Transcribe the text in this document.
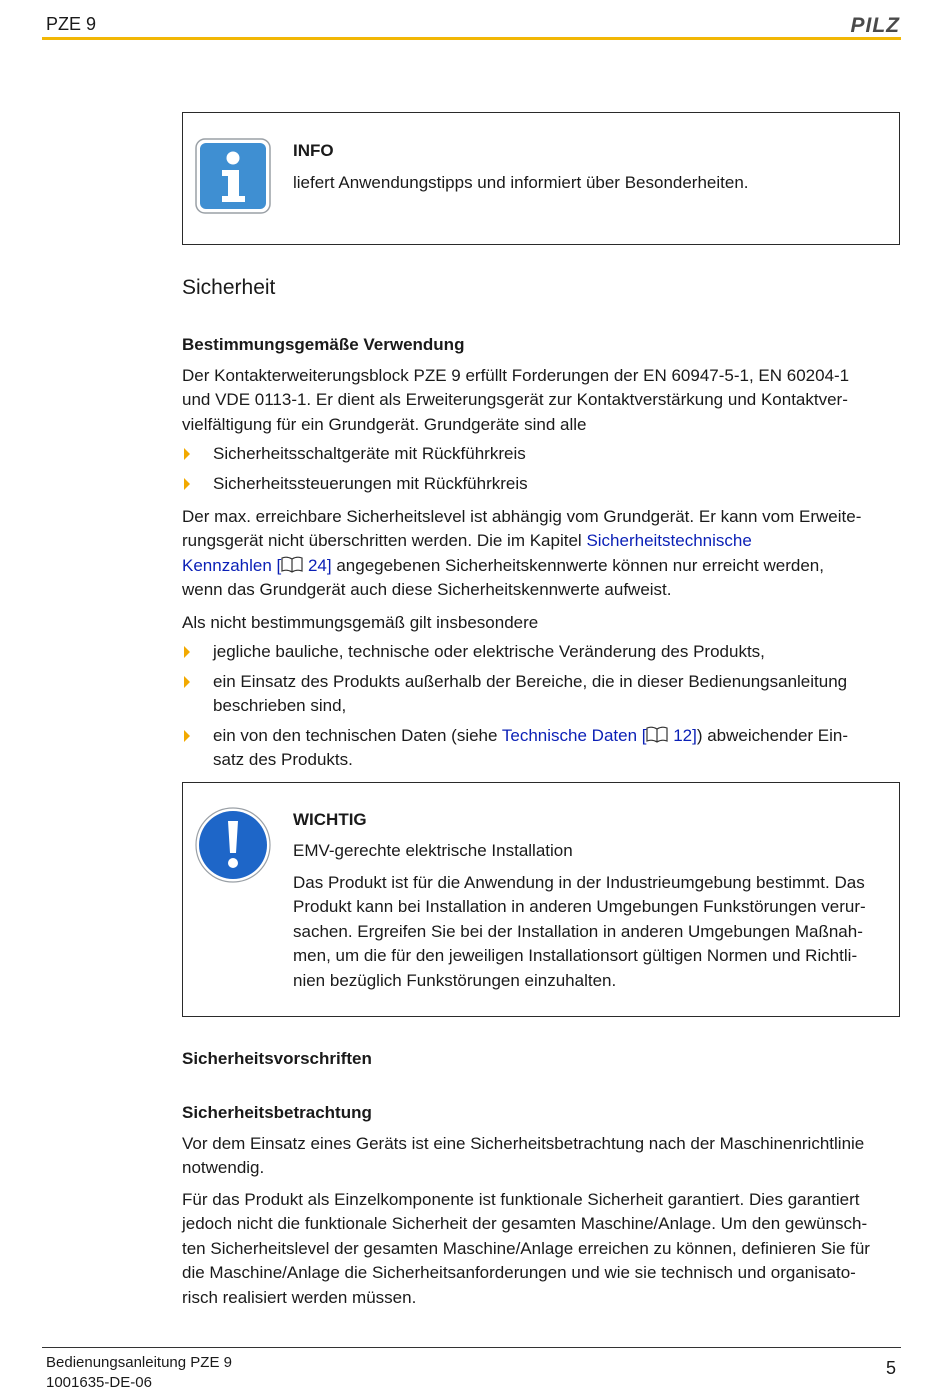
PZE 9	PILZ
INFO
liefert Anwendungstipps und informiert über Besonderheiten.
Sicherheit
Bestimmungsgemäße Verwendung
Der Kontakterweiterungsblock PZE 9 erfüllt Forderungen der EN 60947-5-1, EN 60204-1
und VDE 0113-1. Er dient als Erweiterungsgerät zur Kontaktverstärkung und Kontaktver-
vielfältigung für ein Grundgerät. Grundgeräte sind alle
Sicherheitsschaltgeräte mit Rückführkreis
Sicherheitssteuerungen mit Rückführkreis
Der max. erreichbare Sicherheitslevel ist abhängig vom Grundgerät. Er kann vom Erweite-
rungsgerät nicht überschritten werden. Die im Kapitel Sicherheitstechnische
Kennzahlen [ 24] angegebenen Sicherheitskennwerte können nur erreicht werden,
wenn das Grundgerät auch diese Sicherheitskennwerte aufweist.
Als nicht bestimmungsgemäß gilt insbesondere
jegliche bauliche, technische oder elektrische Veränderung des Produkts,
ein Einsatz des Produkts außerhalb der Bereiche, die in dieser Bedienungsanleitung
beschrieben sind,
ein von den technischen Daten (siehe Technische Daten [ 12]) abweichender Ein-
satz des Produkts.
WICHTIG
EMV-gerechte elektrische Installation
Das Produkt ist für die Anwendung in der Industrieumgebung bestimmt. Das
Produkt kann bei Installation in anderen Umgebungen Funkstörungen verur-
sachen. Ergreifen Sie bei der Installation in anderen Umgebungen Maßnah-
men, um die für den jeweiligen Installationsort gültigen Normen und Richtli-
nien bezüglich Funkstörungen einzuhalten.
Sicherheitsvorschriften
Sicherheitsbetrachtung
Vor dem Einsatz eines Geräts ist eine Sicherheitsbetrachtung nach der Maschinenrichtlinie
notwendig.
Für das Produkt als Einzelkomponente ist funktionale Sicherheit garantiert. Dies garantiert
jedoch nicht die funktionale Sicherheit der gesamten Maschine/Anlage. Um den gewünsch-
ten Sicherheitslevel der gesamten Maschine/Anlage erreichen zu können, definieren Sie für
die Maschine/Anlage die Sicherheitsanforderungen und wie sie technisch und organisato-
risch realisiert werden müssen.
Bedienungsanleitung PZE 9
1001635-DE-06
5
